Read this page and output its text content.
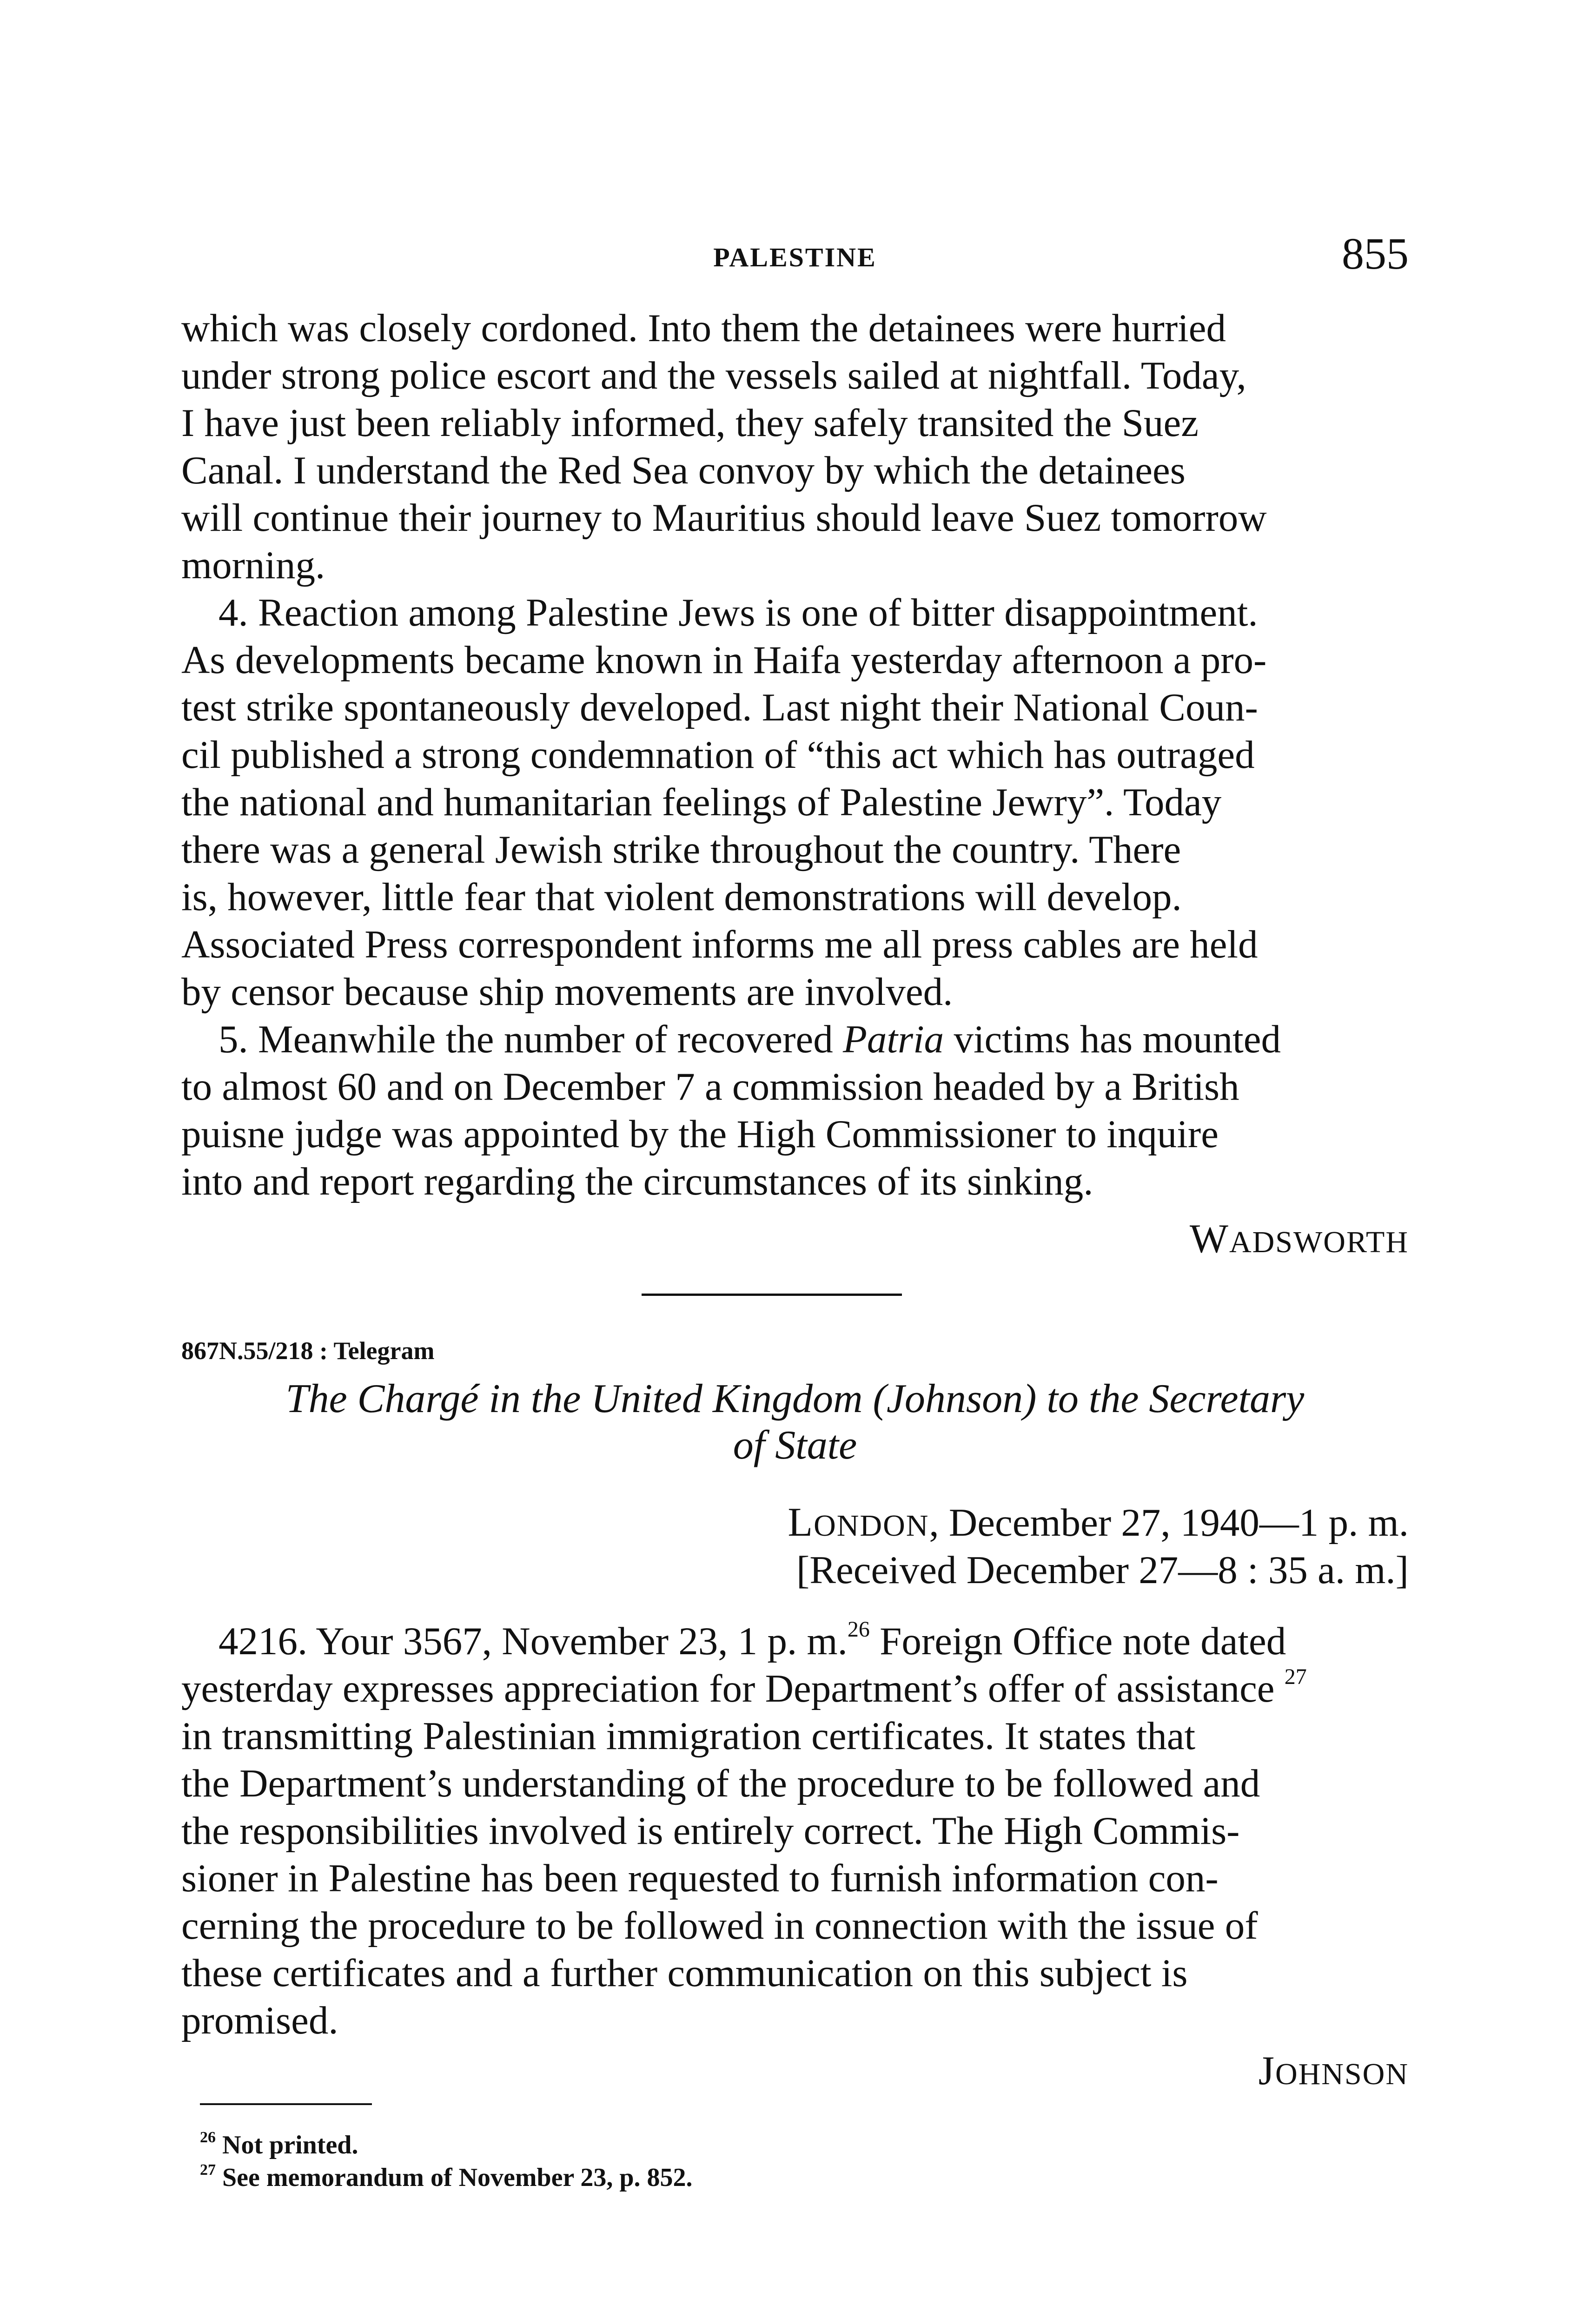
PALESTINE	855
which was closely cordoned. Into them the detainees were hurried
under strong police escort and the vessels sailed at nightfall. Today,
I have just been reliably informed, they safely transited the Suez
Canal. I understand the Red Sea convoy by which the detainees
will continue their journey to Mauritius should leave Suez tomorrow
morning.
4. Reaction among Palestine Jews is one of bitter disappointment.
As developments became known in Haifa yesterday afternoon a pro-
test strike spontaneously developed. Last night their National Coun-
cil published a strong condemnation of “this act which has outraged
the national and humanitarian feelings of Palestine Jewry”. Today
there was a general Jewish strike throughout the country. There
is, however, little fear that violent demonstrations will develop.
Associated Press correspondent informs me all press cables are held
by censor because ship movements are involved.
5. Meanwhile the number of recovered Patria victims has mounted
to almost 60 and on December 7 a commission headed by a British
puisne judge was appointed by the High Commissioner to inquire
into and report regarding the circumstances of its sinking.
WADSWORTH
867N.55/218 : Telegram
The Chargé in the United Kingdom (Johnson) to the Secretary
of State
LONDON, December 27, 1940—1 p. m.
[Received December 27—8 : 35 a. m.]
4216. Your 3567, November 23, 1 p. m.$^{26}$ Foreign Office note dated
yesterday expresses appreciation for Department’s offer of assistance $^{27}$
in transmitting Palestinian immigration certificates. It states that
the Department’s understanding of the procedure to be followed and
the responsibilities involved is entirely correct. The High Commis-
sioner in Palestine has been requested to furnish information con-
cerning the procedure to be followed in connection with the issue of
these certificates and a further communication on this subject is
promised.
JOHNSON
$^{26}$ Not printed.
$^{27}$ See memorandum of November 23, p. 852.
